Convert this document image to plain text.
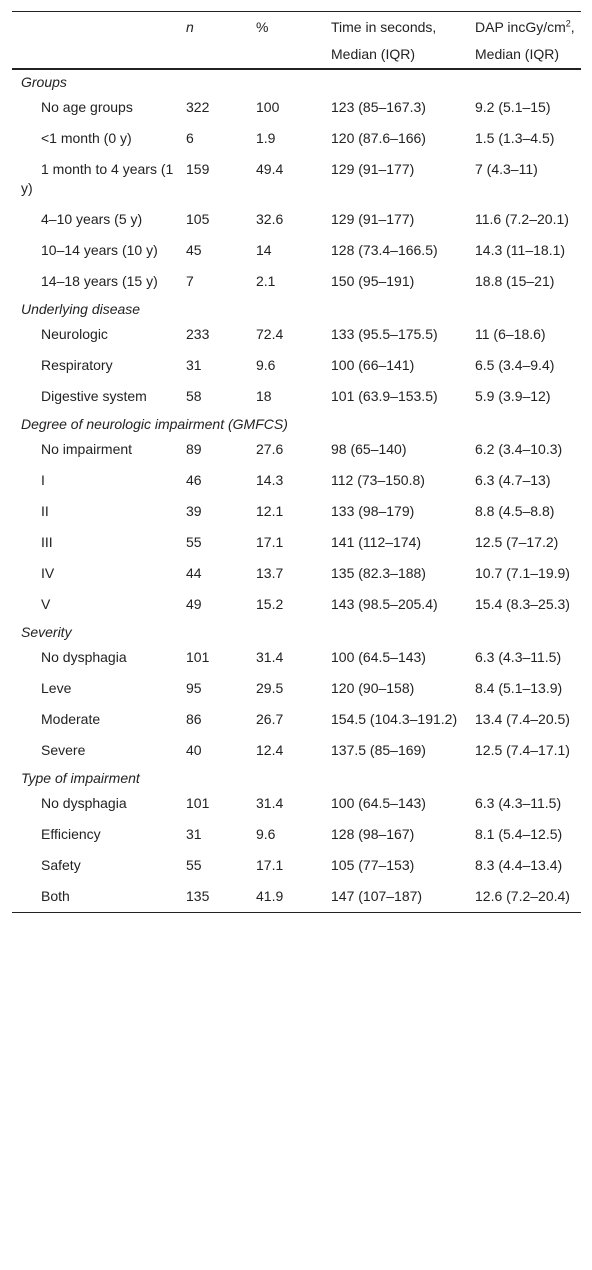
	n	%	Time in seconds,	DAP incGy/$cm^2$,
			Median (IQR)	Median (IQR)
Groups				
No age groups	322	100	123 (85–167.3)	9.2 (5.1–15)
<1 month (0 y)	6	1.9	120 (87.6–166)	1.5 (1.3–4.5)
1 month to 4 years (1 y)	159	49.4	129 (91–177)	7 (4.3–11)
4–10 years (5 y)	105	32.6	129 (91–177)	11.6 (7.2–20.1)
10–14 years (10 y)	45	14	128 (73.4–166.5)	14.3 (11–18.1)
14–18 years (15 y)	7	2.1	150 (95–191)	18.8 (15–21)
Underlying disease				
Neurologic	233	72.4	133 (95.5–175.5)	11 (6–18.6)
Respiratory	31	9.6	100 (66–141)	6.5 (3.4–9.4)
Digestive system	58	18	101 (63.9–153.5)	5.9 (3.9–12)
Degree of neurologic impairment (GMFCS)				
No impairment	89	27.6	98 (65–140)	6.2 (3.4–10.3)
I	46	14.3	112 (73–150.8)	6.3 (4.7–13)
II	39	12.1	133 (98–179)	8.8 (4.5–8.8)
III	55	17.1	141 (112–174)	12.5 (7–17.2)
IV	44	13.7	135 (82.3–188)	10.7 (7.1–19.9)
V	49	15.2	143 (98.5–205.4)	15.4 (8.3–25.3)
Severity				
No dysphagia	101	31.4	100 (64.5–143)	6.3 (4.3–11.5)
Leve	95	29.5	120 (90–158)	8.4 (5.1–13.9)
Moderate	86	26.7	154.5 (104.3–191.2)	13.4 (7.4–20.5)
Severe	40	12.4	137.5 (85–169)	12.5 (7.4–17.1)
Type of impairment				
No dysphagia	101	31.4	100 (64.5–143)	6.3 (4.3–11.5)
Efficiency	31	9.6	128 (98–167)	8.1 (5.4–12.5)
Safety	55	17.1	105 (77–153)	8.3 (4.4–13.4)
Both	135	41.9	147 (107–187)	12.6 (7.2–20.4)
